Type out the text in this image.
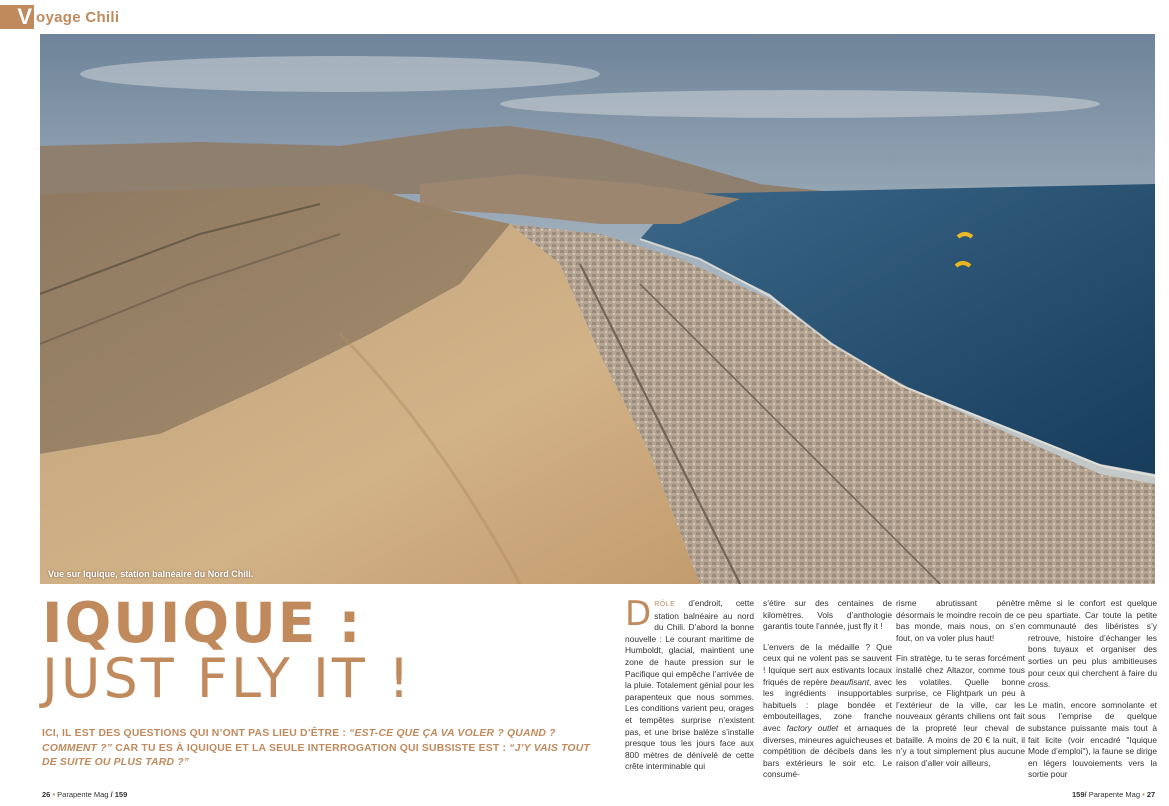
V oyage Chili
Vue sur Iquique, station balnéaire du Nord Chili.
IQUIQUE :
JUST FLY IT !
ICI, IL EST DES QUESTIONS QUI N’ONT PAS LIEU D’ÊTRE : “EST-CE QUE ÇA VA VOLER ? QUAND ? COMMENT ?” CAR TU ES À IQUIQUE ET LA SEULE INTERROGATION QUI SUBSISTE EST : “J’Y VAIS TOUT DE SUITE OU PLUS TARD ?”

DRÔLE d’endroit, cette station balnéaire au nord du Chili. D’abord la bonne nouvelle : Le courant maritime de Humboldt, glacial, maintient une zone de haute pression sur le Pacifique qui empêche l’arrivée de la pluie. Totalement génial pour les parapenteux que nous sommes. Les conditions varient peu, orages et tempêtes surprise n’existent pas, et une brise balèze s’installe presque tous les jours face aux 800 mètres de dénivelé de cette crête interminable qui

s’étire sur des centaines de kilomètres. Vols d’anthologie garantis toute l’année, just fly it !

L’envers de la médaille ? Que ceux qui ne volent pas se sauvent ! Iquique sert aux estivants locaux friqués de repère beaufisant, avec les ingrédients insupportables habituels : plage bondée et embouteillages, zone franche avec factory outlet et arnaques diverses, mineures aguicheuses et compétition de décibels dans les bars extérieurs le soir etc. Le consumé-

risme abrutissant pénètre désormais le moindre recoin de ce bas monde, mais nous, on s’en fout, on va voler plus haut!

Fin stratège, tu te seras forcément installé chez Altazor, comme tous les volatiles. Quelle bonne surprise, ce Flightpark un peu à l’extérieur de la ville, car les nouveaux gérants chiliens ont fait de la propreté leur cheval de bataille. A moins de 20 € la nuit, il n’y a tout simplement plus aucune raison d’aller voir ailleurs,

même si le confort est quelque peu spartiate. Car toute la petite communauté des libéristes s’y retrouve, histoire d’échanger les bons tuyaux et organiser des sorties un peu plus ambitieuses pour ceux qui cherchent à faire du cross.

Le matin, encore somnolante et sous l’emprise de quelque substance puissante mais tout à fait licite (voir encadré "Iquique Mode d’emploi"), la faune se dirige en légers louvoiements vers la sortie pour

26 • Parapente Mag / 159	159/ Parapente Mag • 27
